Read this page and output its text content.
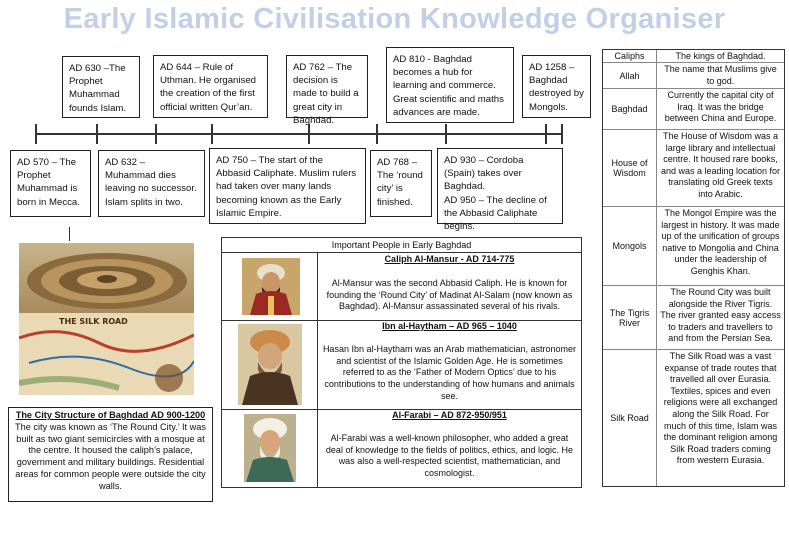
Early Islamic Civilisation Knowledge Organiser
AD 630 –The Prophet Muhammad founds Islam.
AD 644 – Rule of Uthman. He organised the creation of the first official written Qur’an.
AD 762 – The decision is made to build a great city in Baghdad.
AD 810 - Baghdad becomes a hub for learning and commerce. Great scientific and maths advances are made.
AD 1258 – Baghdad destroyed by Mongols.
AD 570 – The Prophet Muhammad is born in Mecca.
AD 632 – Muhammad dies leaving no successor. Islam splits in two.
AD 750 – The start of the Abbasid Caliphate. Muslim rulers had taken over many lands becoming known as the Early Islamic Empire.
AD 768 – The ‘round city’ is finished.
AD 930 – Cordoba (Spain) takes over Baghdad.
AD 950 – The decline of the Abbasid Caliphate begins.
Caliphs	The kings of Baghdad.
Allah
The name that Muslims give to god.
Baghdad
Currently the capital city of Iraq. It was the bridge between China and Europe.
House of Wisdom
The House of Wisdom was a large library and intellectual centre. It housed rare books, and was a leading location for translating old Greek texts into Arabic.
Mongols
The Mongol Empire was the largest in history. It was made up of the unification of groups native to Mongolia and China under the leadership of Genghis Khan.
The Tigris River
The Round City was built alongside the River Tigris. The river granted easy access to traders and travellers to and from the Persian Sea.
Silk Road
The Silk Road was a vast expanse of trade routes that travelled all over Eurasia. Textiles, spices and even religions were all exchanged along the Silk Road. For much of this time, Islam was the dominant religion among Silk Road traders coming from western Eurasia.
THE SILK ROAD
The City Structure of Baghdad AD 900-1200
The city was known as ‘The Round City.’ It was built as two giant semicircles with a mosque at the centre. It housed the caliph’s palace, government and military buildings. Residential areas for common people were outside the city walls.
Important People in Early Baghdad
Caliph Al-Mansur - AD 714-775
Al-Mansur was the second Abbasid Caliph. He is known for founding the ‘Round City’ of Madinat Al-Salam (now known as Baghdad). Al-Mansur assassinated several of his rivals.
Ibn al-Haytham – AD 965 – 1040
Hasan Ibn al-Haytham was an Arab mathematician, astronomer and scientist of the Islamic Golden Age. He is sometimes referred to as the ‘Father of Modern Optics’ due to his contributions to the understanding of how humans and animals see.
Al-Farabi – AD 872-950/951
Al-Farabi was a well-known philosopher, who added a great deal of knowledge to the fields of politics, ethics, and logic. He was also a well-respected scientist, mathematician, and cosmologist.
